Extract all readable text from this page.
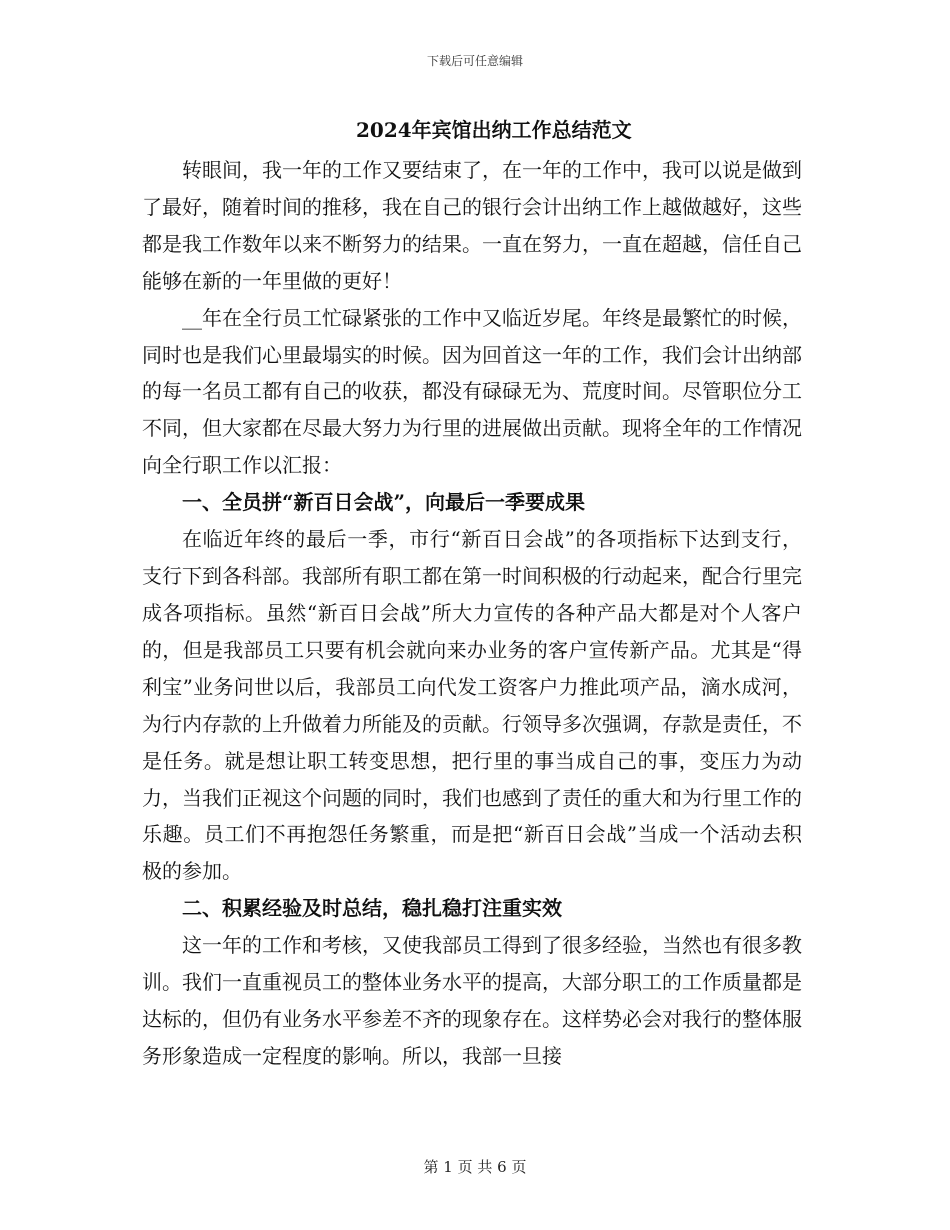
下载后可任意编辑
2024年宾馆出纳工作总结范文

转眼间，我一年的工作又要结束了，在一年的工作中，我可以说是做到了最好，随着时间的推移，我在自己的银行会计出纳工作上越做越好，这些都是我工作数年以来不断努力的结果。一直在努力，一直在超越，信任自己能够在新的一年里做的更好！

__年在全行员工忙碌紧张的工作中又临近岁尾。年终是最繁忙的时候，同时也是我们心里最塌实的时候。因为回首这一年的工作，我们会计出纳部的每一名员工都有自己的收获，都没有碌碌无为、荒度时间。尽管职位分工不同，但大家都在尽最大努力为行里的进展做出贡献。现将全年的工作情况向全行职工作以汇报：

一、全员拼“新百日会战”，向最后一季要成果

在临近年终的最后一季，市行“新百日会战”的各项指标下达到支行，支行下到各科部。我部所有职工都在第一时间积极的行动起来，配合行里完成各项指标。虽然“新百日会战”所大力宣传的各种产品大都是对个人客户的，但是我部员工只要有机会就向来办业务的客户宣传新产品。尤其是“得利宝”业务问世以后，我部员工向代发工资客户力推此项产品，滴水成河，为行内存款的上升做着力所能及的贡献。行领导多次强调，存款是责任，不是任务。就是想让职工转变思想，把行里的事当成自己的事，变压力为动力，当我们正视这个问题的同时，我们也感到了责任的重大和为行里工作的乐趣。员工们不再抱怨任务繁重，而是把“新百日会战”当成一个活动去积极的参加。

二、积累经验及时总结，稳扎稳打注重实效

这一年的工作和考核，又使我部员工得到了很多经验，当然也有很多教训。我们一直重视员工的整体业务水平的提高，大部分职工的工作质量都是达标的，但仍有业务水平参差不齐的现象存在。这样势必会对我行的整体服务形象造成一定程度的影响。所以，我部一旦接

第 1 页 共 6 页
